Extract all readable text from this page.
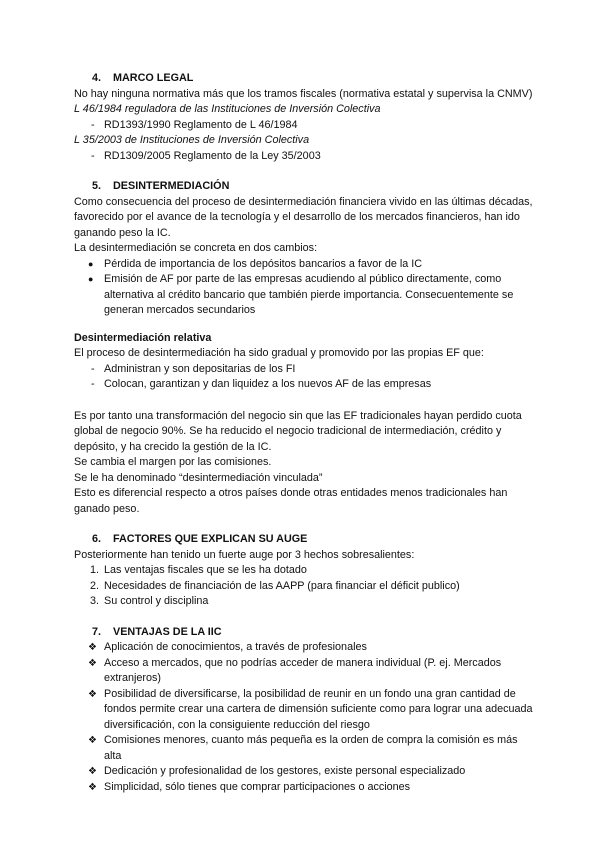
4. MARCO LEGAL

No hay ninguna normativa más que los tramos fiscales (normativa estatal y supervisa la CNMV)

L 46/1984 reguladora de las Instituciones de Inversión Colectiva

- RD1393/1990 Reglamento de L 46/1984

L 35/2003 de Instituciones de Inversión Colectiva

- RD1309/2005 Reglamento de la Ley 35/2003
5. DESINTERMEDIACIÓN

Como consecuencia del proceso de desintermediación financiera vivido en las últimas décadas, favorecido por el avance de la tecnología y el desarrollo de los mercados financieros, han ido ganando peso la IC.

La desintermediación se concreta en dos cambios:

● Pérdida de importancia de los depósitos bancarios a favor de la IC
● Emisión de AF por parte de las empresas acudiendo al público directamente, como alternativa al crédito bancario que también pierde importancia. Consecuentemente se generan mercados secundarios

Desintermediación relativa

El proceso de desintermediación ha sido gradual y promovido por las propias EF que:

- Administran y son depositarias de los FI
- Colocan, garantizan y dan liquidez a los nuevos AF de las empresas

Es por tanto una transformación del negocio sin que las EF tradicionales hayan perdido cuota global de negocio 90%. Se ha reducido el negocio tradicional de intermediación, crédito y depósito, y ha crecido la gestión de la IC.

Se cambia el margen por las comisiones.

Se le ha denominado “desintermediación vinculada”

Esto es diferencial respecto a otros países donde otras entidades menos tradicionales han ganado peso.

6. FACTORES QUE EXPLICAN SU AUGE

Posteriormente han tenido un fuerte auge por 3 hechos sobresalientes:

1. Las ventajas fiscales que se les ha dotado
2. Necesidades de financiación de las AAPP (para financiar el déficit publico)
3. Su control y disciplina
7. VENTAJAS DE LA IIC
❖ Aplicación de conocimientos, a través de profesionales
❖ Acceso a mercados, que no podrías acceder de manera individual (P. ej. Mercados extranjeros)
❖ Posibilidad de diversificarse, la posibilidad de reunir en un fondo una gran cantidad de fondos permite crear una cartera de dimensión suficiente como para lograr una adecuada diversificación, con la consiguiente reducción del riesgo
❖ Comisiones menores, cuanto más pequeña es la orden de compra la comisión es más alta
❖ Dedicación y profesionalidad de los gestores, existe personal especializado
❖ Simplicidad, sólo tienes que comprar participaciones o acciones
